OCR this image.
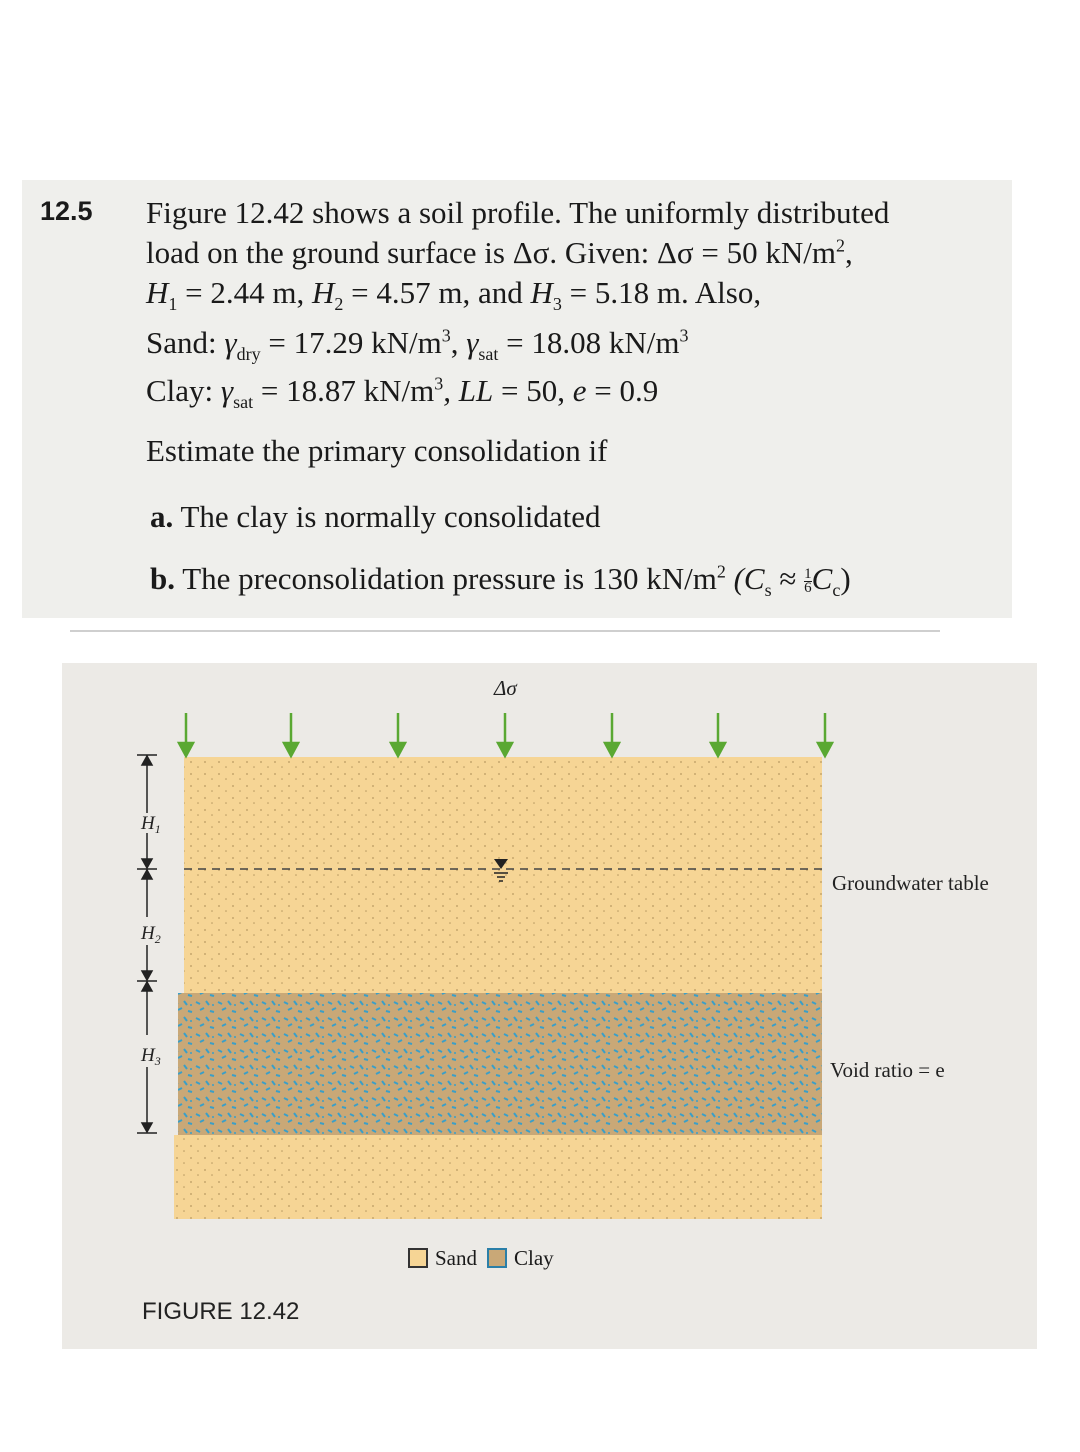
12.5 Figure 12.42 shows a soil profile. The uniformly distributed
load on the ground surface is Δσ. Given: Δσ = 50 $kN/m^2$,
$H_1 = 2.44$ m, $H_2 = 4.57$ m, and $H_3 = 5.18$ m. Also,
Sand: $\gamma_{dry} = 17.29$ $kN/m^3$, $\gamma_{sat} = 18.08$ $kN/m^3$
Clay: $\gamma_{sat} = 18.87$ $kN/m^3$, LL = 50, e = 0.9
Estimate the primary consolidation if
a. The clay is normally consolidated
b. The preconsolidation pressure is 130 $kN/m^2$ $(C_s \approx \frac{1}{6} C_c)$
Δσ
$H_1$
$H_2$
$H_3$
Groundwater table
Void ratio = e
Sand Clay
FIGURE 12.42
